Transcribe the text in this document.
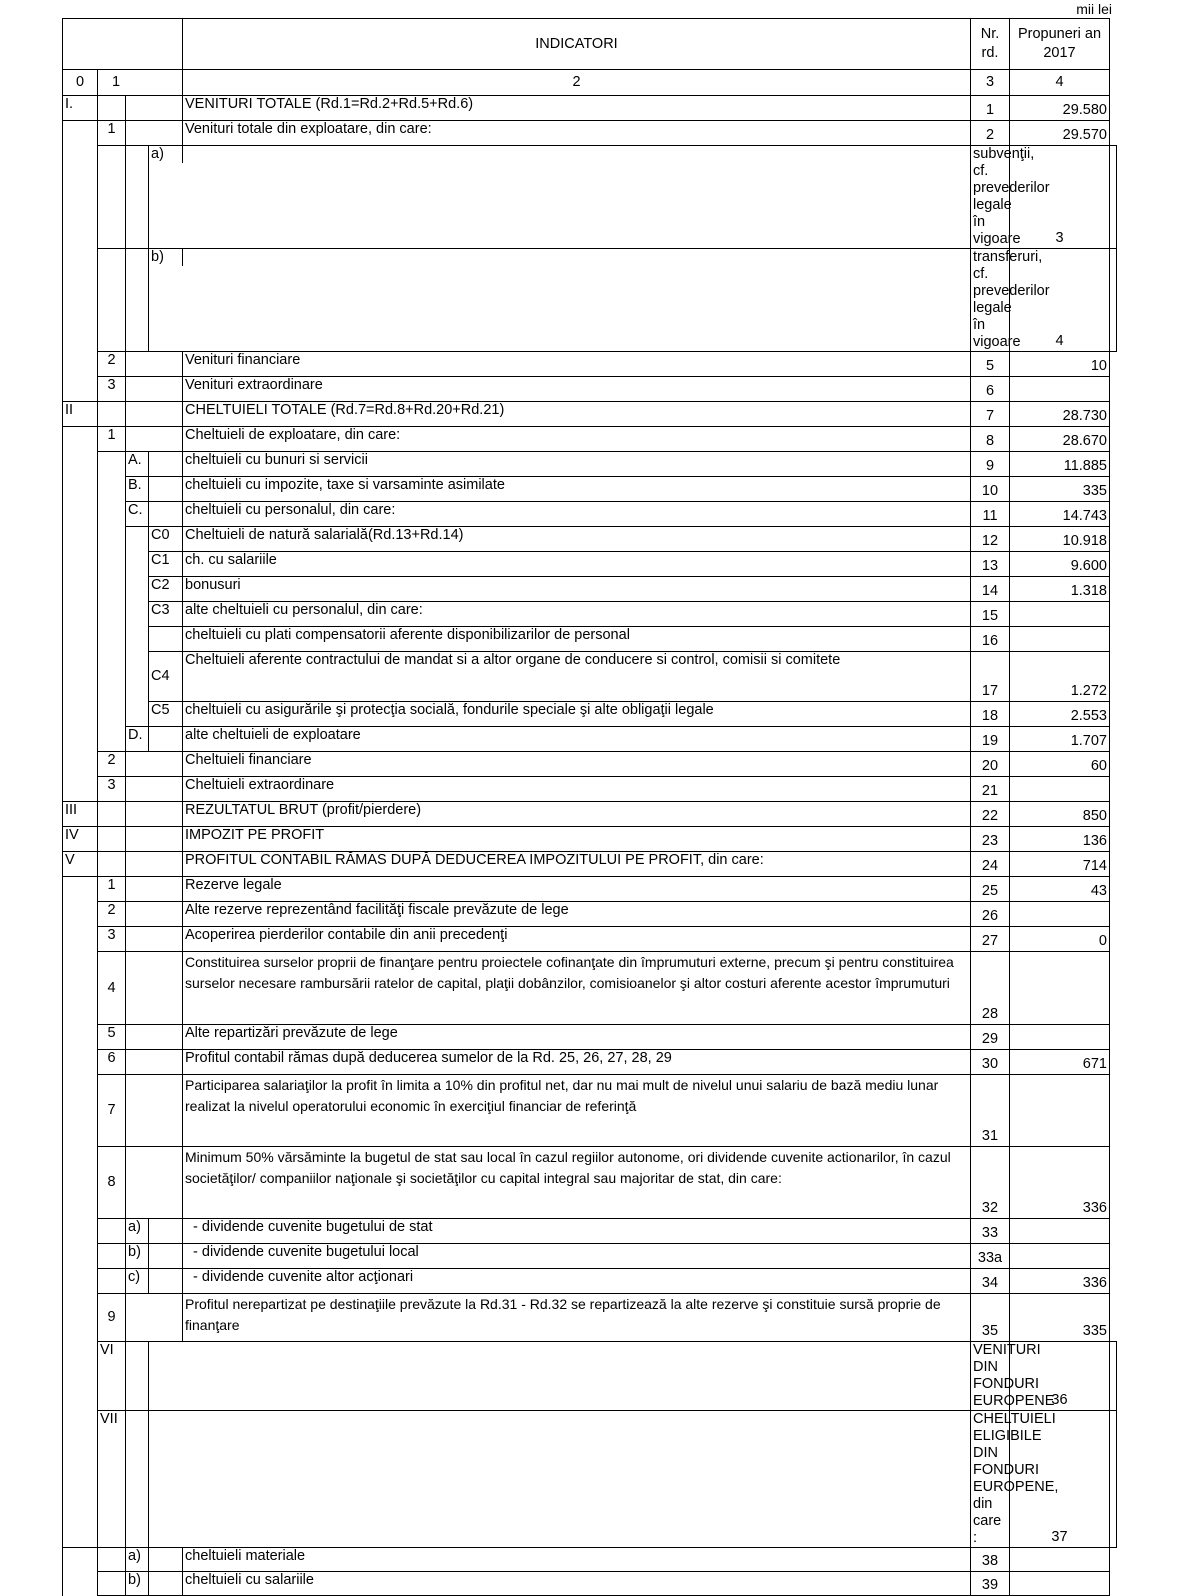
mii lei
				INDICATORI	Nr. rd.	Propuneri an 2017	
0	1			2	3	4	
I.				VENITURI TOTALE (Rd.1=Rd.2+Rd.5+Rd.6)	1	29.580	
	1			Venituri totale din exploatare, din care:	2	29.570	

			a)		subvenţii, cf. prevederilor legale în vigoare	3	

			b)		transferuri, cf. prevederilor legale în vigoare	4	
	2			Venituri financiare	5	10	
	3			Venituri extraordinare	6		
II				CHELTUIELI TOTALE (Rd.7=Rd.8+Rd.20+Rd.21)	7	28.730	
	1			Cheltuieli de exploatare, din care:	8	28.670	
		A.		cheltuieli cu bunuri si servicii	9	11.885	
		B.		cheltuieli cu impozite, taxe si varsaminte asimilate	10	335	
		C.		cheltuieli cu personalul, din care:	11	14.743	
			C0	Cheltuieli de natură salarială(Rd.13+Rd.14)	12	10.918	
			C1	ch. cu salariile	13	9.600	
			C2	bonusuri	14	1.318	
			C3	alte cheltuieli cu personalul, din care:	15		
				cheltuieli cu plati compensatorii aferente disponibilizarilor de personal	16		
			C4	Cheltuieli aferente contractului de mandat si a altor organe de conducere si control, comisii si comitete	17	1.272	
			C5	cheltuieli cu asigurările şi protecţia socială, fondurile speciale şi alte obligaţii legale	18	2.553	
		D.		alte cheltuieli de exploatare	19	1.707	
	2			Cheltuieli financiare	20	60	
	3			Cheltuieli extraordinare	21		
III				REZULTATUL BRUT (profit/pierdere)	22	850	
IV				IMPOZIT PE PROFIT	23	136	
V				PROFITUL CONTABIL RĂMAS DUPĂ DEDUCEREA IMPOZITULUI PE PROFIT, din care:	24	714	
	1			Rezerve legale	25	43	
	2			Alte rezerve reprezentând facilităţi fiscale prevăzute de lege	26		
	3			Acoperirea pierderilor contabile din anii precedenţi	27	0	
	4			Constituirea surselor proprii de finanţare pentru proiectele cofinanţate din împrumuturi externe, precum şi pentru constituirea surselor necesare rambursării ratelor de capital, plaţii dobânzilor, comisioanelor şi altor costuri aferente acestor împrumuturi	28		
	5			Alte repartizări prevăzute de lege	29		
	6			Profitul contabil rămas după deducerea sumelor de la Rd. 25, 26, 27, 28, 29	30	671	
	7			Participarea salariaţilor la profit în limita a 10% din profitul net, dar nu mai mult de nivelul unui salariu de bază mediu lunar realizat la nivelul operatorului economic în exerciţiul financiar de referinţă	31		
	8			Minimum 50% vărsăminte la bugetul de stat sau local în cazul regiilor autonome, ori dividende cuvenite actionarilor, în cazul societăţilor/ companiilor naţionale şi societăţilor cu capital integral sau majoritar de stat, din care:	32	336	
		a)		- dividende cuvenite bugetului de stat	33		
		b)		- dividende cuvenite bugetului local	33a		
		c)		- dividende cuvenite altor acţionari	34	336	
	9			Profitul nerepartizat pe destinaţiile prevăzute la Rd.31 - Rd.32 se repartizează la alte rezerve şi constituie sursă proprie de finanţare	35	335	
	VI				VENITURI DIN FONDURI EUROPENE	36	
	VII				CHELTUIELI ELIGIBILE DIN FONDURI EUROPENE, din care :	37	
		a)		cheltuieli materiale	38		
		b)		cheltuieli cu salariile	39		
